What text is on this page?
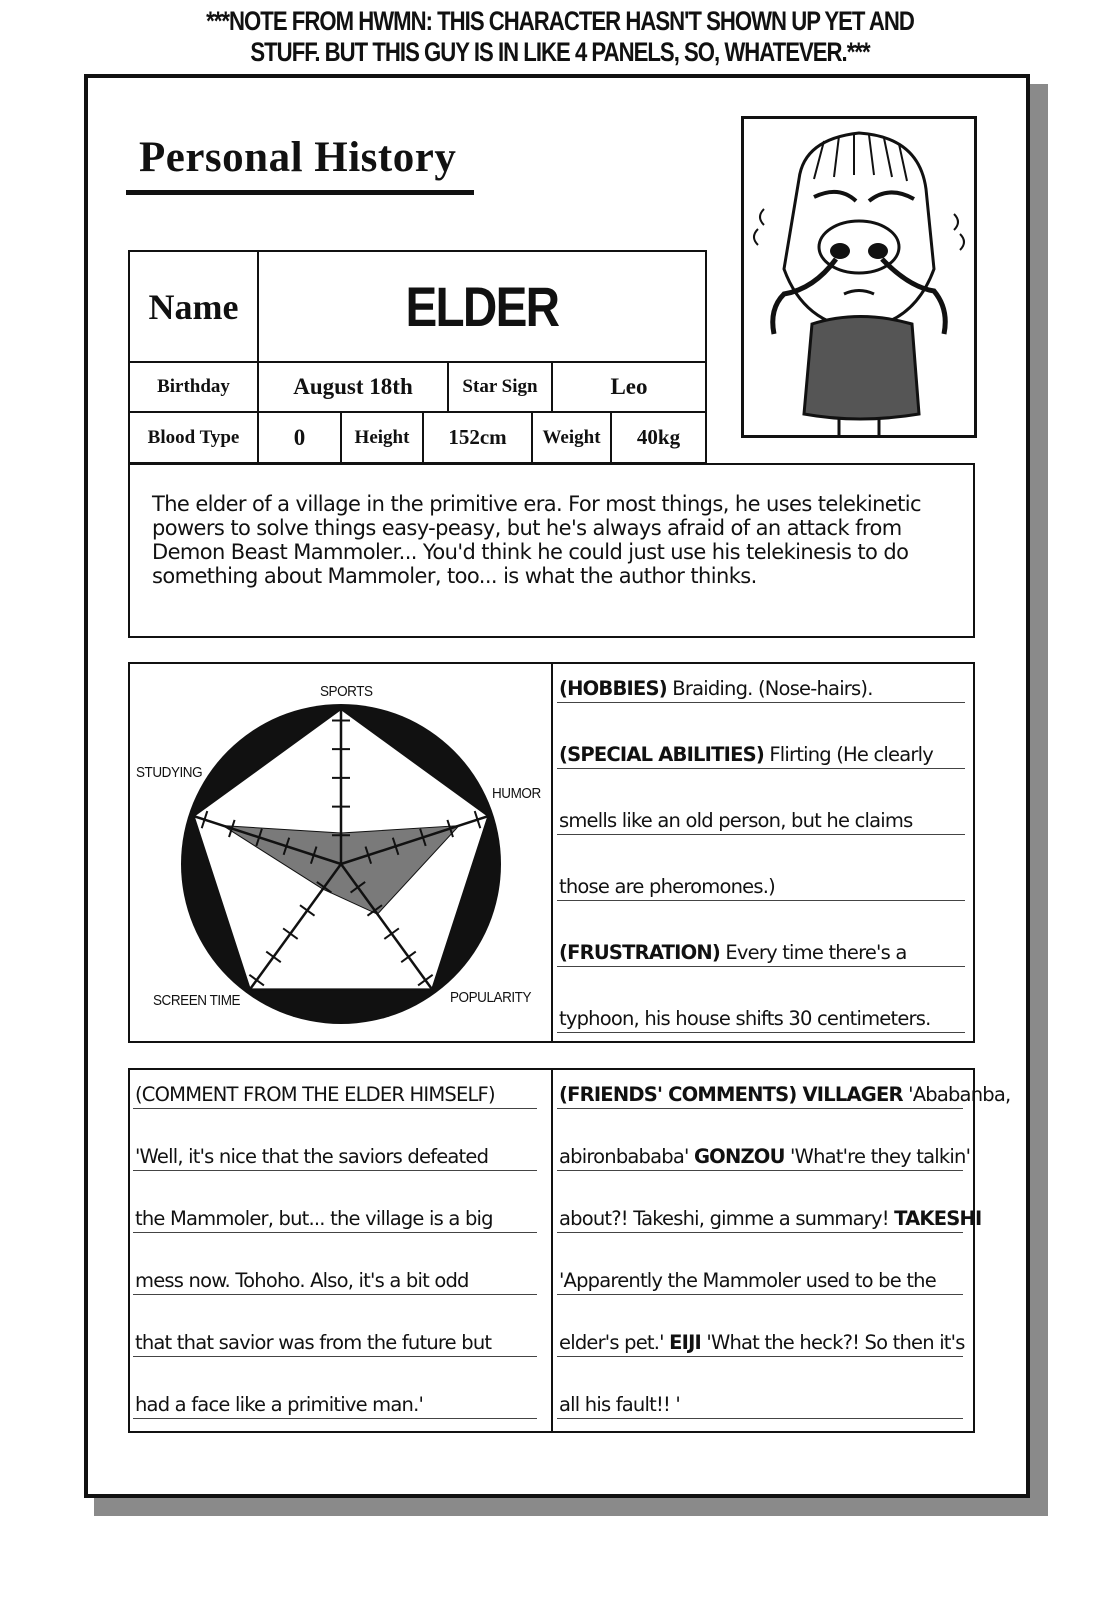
***NOTE FROM HWMN: THIS CHARACTER HASN'T SHOWN UP YET AND STUFF. BUT THIS GUY IS IN LIKE 4 PANELS, SO, WHATEVER.***
Personal History
Name	ELDER
Birthday	August 18th	Star Sign	Leo
Blood Type	0	Height	152cm	Weight	40kg
The elder of a village in the primitive era. For most things, he uses telekinetic
powers to solve things easy-peasy, but he's always afraid of an attack from
Demon Beast Mammoler... You'd think he could just use his telekinesis to do
something about Mammoler, too... is what the author thinks.
SPORTS
HUMOR
POPULARITY
SCREEN TIME
STUDYING
(HOBBIES) Braiding. (Nose-hairs).
(SPECIAL ABILITIES) Flirting (He clearly
smells like an old person, but he claims
those are pheromones.)
(FRUSTRATION) Every time there's a
typhoon, his house shifts 30 centimeters.
(COMMENT FROM THE ELDER HIMSELF)
'Well, it's nice that the saviors defeated
the Mammoler, but... the village is a big
mess now. Tohoho. Also, it's a bit odd
that that savior was from the future but
had a face like a primitive man.'
(FRIENDS' COMMENTS) VILLAGER 'Ababanba,
abironbababa' GONZOU 'What're they talkin'
about?! Takeshi, gimme a summary! TAKESHI
'Apparently the Mammoler used to be the
elder's pet.' EIJI 'What the heck?! So then it's
all his fault!! '
